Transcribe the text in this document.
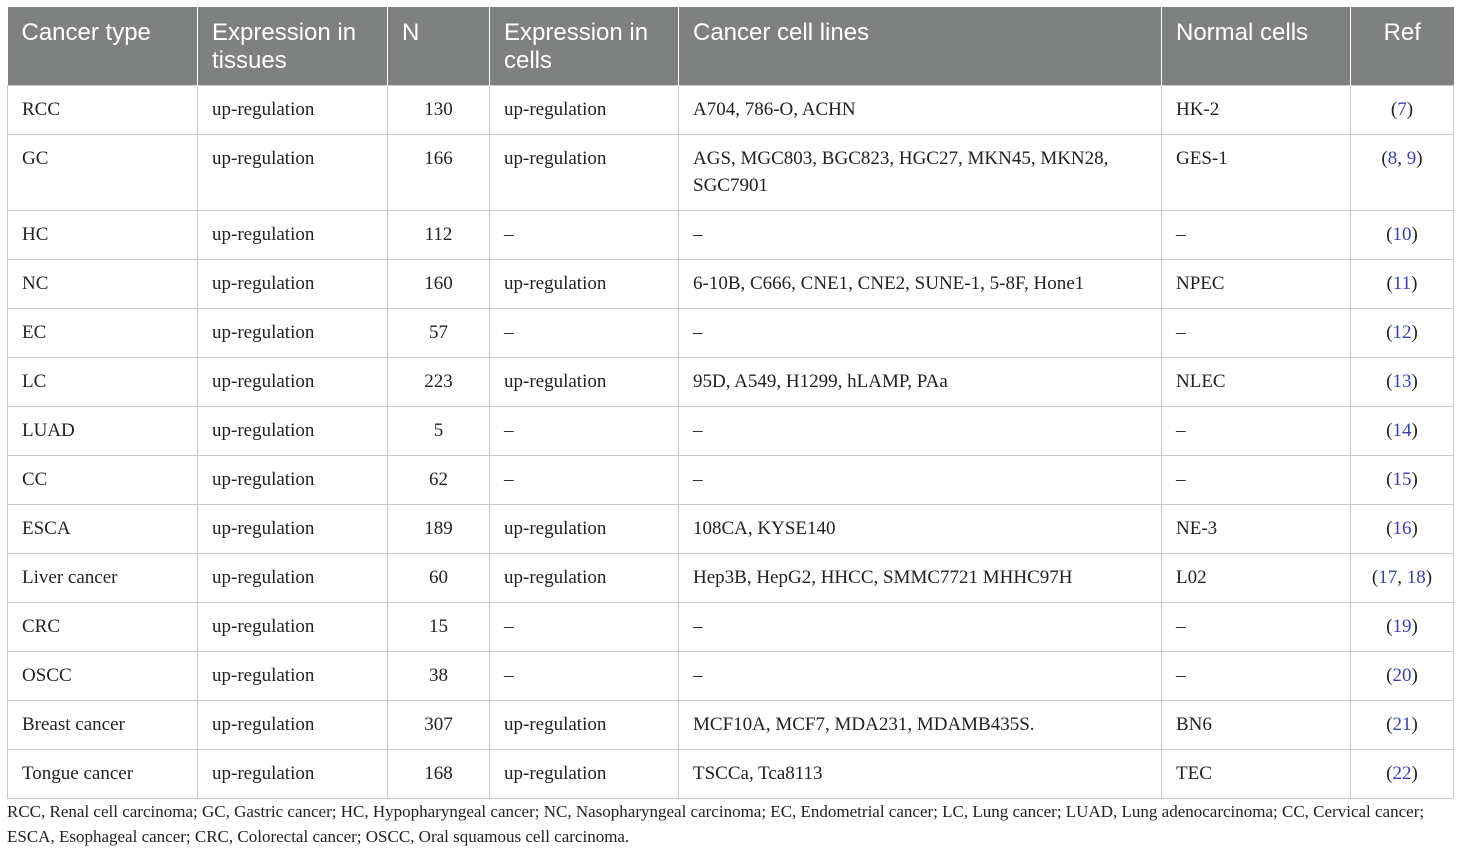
Cancer type	Expression in tissues	N	Expression in cells	Cancer cell lines	Normal cells	Ref
RCC	up-regulation	130	up-regulation	A704, 786-O, ACHN	HK-2	(7)
GC	up-regulation	166	up-regulation	AGS, MGC803, BGC823, HGC27, MKN45, MKN28, SGC7901	GES-1	(8, 9)
HC	up-regulation	112	–	–	–	(10)
NC	up-regulation	160	up-regulation	6-10B, C666, CNE1, CNE2, SUNE-1, 5-8F, Hone1	NPEC	(11)
EC	up-regulation	57	–	–	–	(12)
LC	up-regulation	223	up-regulation	95D, A549, H1299, hLAMP, PAa	NLEC	(13)
LUAD	up-regulation	5	–	–	–	(14)
CC	up-regulation	62	–	–	–	(15)
ESCA	up-regulation	189	up-regulation	108CA, KYSE140	NE-3	(16)
Liver cancer	up-regulation	60	up-regulation	Hep3B, HepG2, HHCC, SMMC7721 MHHC97H	L02	(17, 18)
CRC	up-regulation	15	–	–	–	(19)
OSCC	up-regulation	38	–	–	–	(20)
Breast cancer	up-regulation	307	up-regulation	MCF10A, MCF7, MDA231, MDAMB435S.	BN6	(21)
Tongue cancer	up-regulation	168	up-regulation	TSCCa, Tca8113	TEC	(22)
RCC, Renal cell carcinoma; GC, Gastric cancer; HC, Hypopharyngeal cancer; NC, Nasopharyngeal carcinoma; EC, Endometrial cancer; LC, Lung cancer; LUAD, Lung adenocarcinoma; CC, Cervical cancer; ESCA, Esophageal cancer; CRC, Colorectal cancer; OSCC, Oral squamous cell carcinoma.
